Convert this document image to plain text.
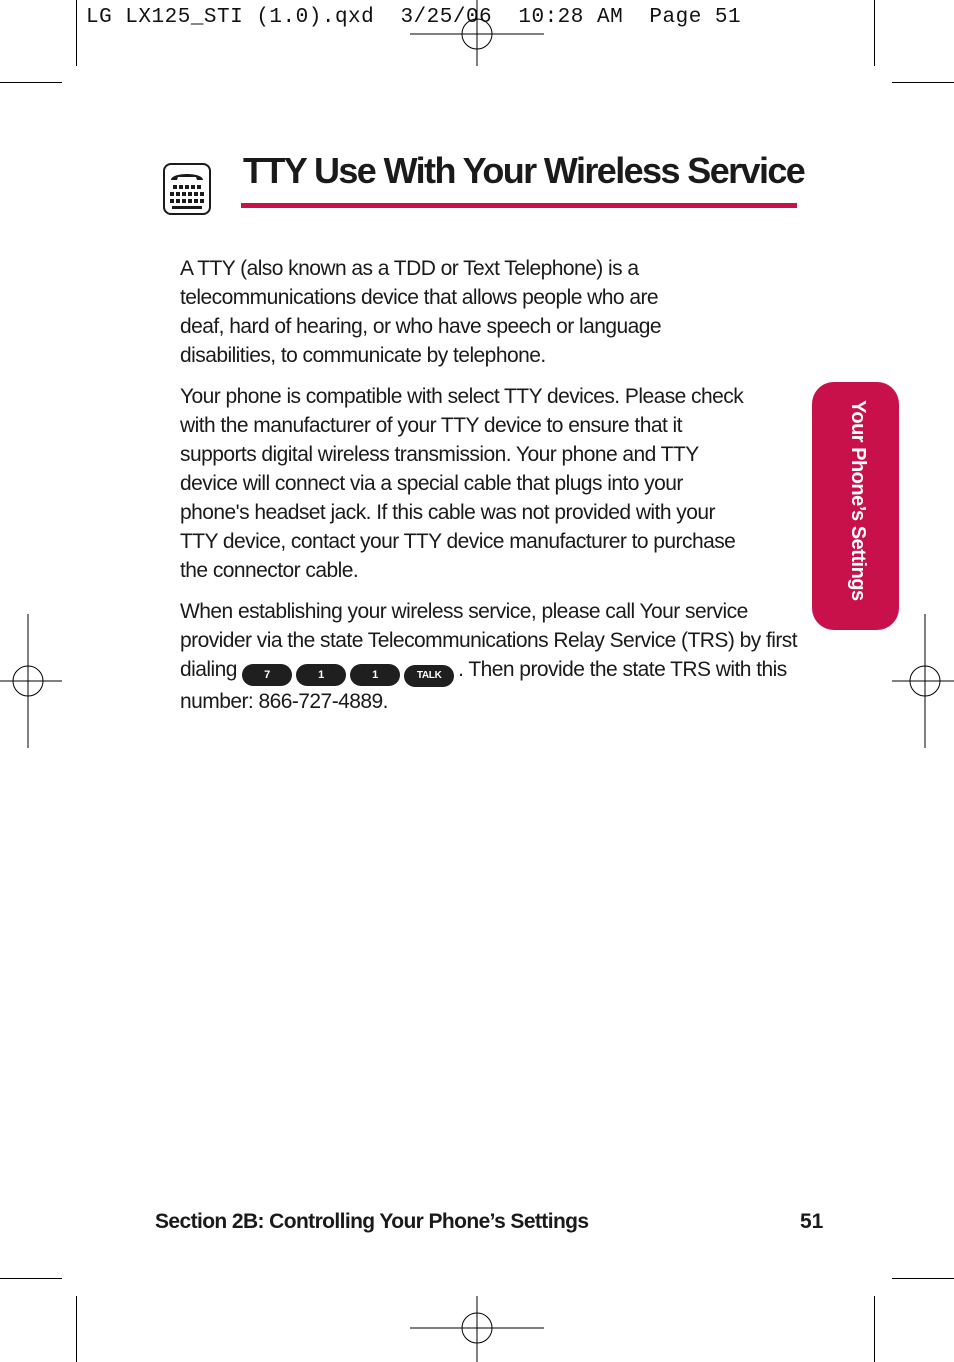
LG LX125_STI (1.0).qxd  3/25/06  10:28 AM  Page 51
TTY Use With Your Wireless Service

A TTY (also known as a TDD or Text Telephone) is a
telecommunications device that allows people who are
deaf, hard of hearing, or who have speech or language
disabilities, to communicate by telephone.

Your phone is compatible with select TTY devices. Please check
with the manufacturer of your TTY device to ensure that it
supports digital wireless transmission. Your phone and TTY
device will connect via a special cable that plugs into your
phone's headset jack. If this cable was not provided with your
TTY device, contact your TTY device manufacturer to purchase
the connector cable.

When establishing your wireless service, please call Your service provider via the state Telecommunications Relay Service (TRS) by first dialing 7	1	1	TALK . Then provide the state TRS with this number: 866-727-4889.

Your Phone’s Settings
Section 2B: Controlling Your Phone’s Settings	51
